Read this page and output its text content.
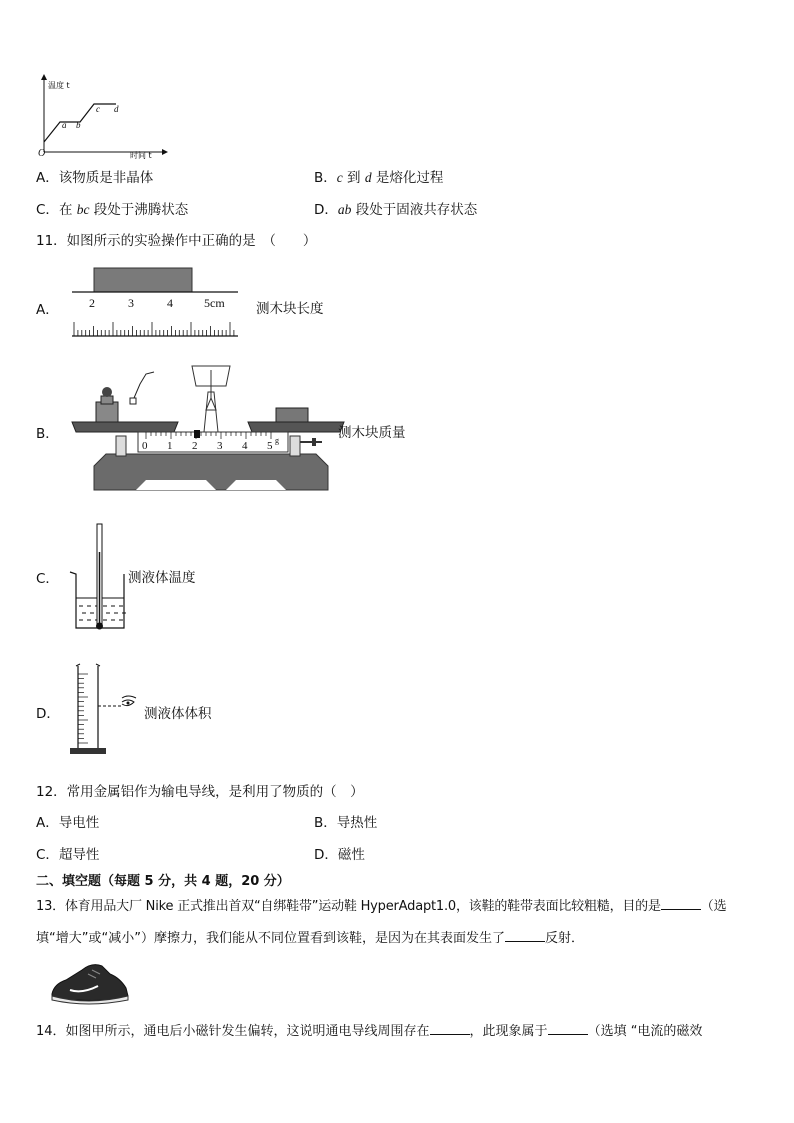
温度 t
O	时间 t
a b
c d
A．该物质是非晶体	B．c 到 d 是熔化过程
C．在 bc 段处于沸腾状态	D．ab 段处于固液共存状态
11．如图所示的实验操作中正确的是　（　　）
A．	2	3	4	5cm 测木块长度
B．
0 1 2 3 4 5 g	测木块质量
C．	测液体温度
D．	测液体体积
12．常用金属铝作为输电导线，是利用了物质的（　）
A．导电性	B．导热性
C．超导性	D．磁性
二、填空题（每题 5 分，共 4 题，20 分）
13．体育用品大厂 Nike 正式推出首双“自绑鞋带”运动鞋 HyperAdapt1.0，该鞋的鞋带表面比较粗糙，目的是	（选
填“增大”或“减小”）摩擦力，我们能从不同位置看到该鞋，是因为在其表面发生了	反射．
14．如图甲所示，通电后小磁针发生偏转，这说明通电导线周围存在	，此现象属于	（选填 “电流的磁效
